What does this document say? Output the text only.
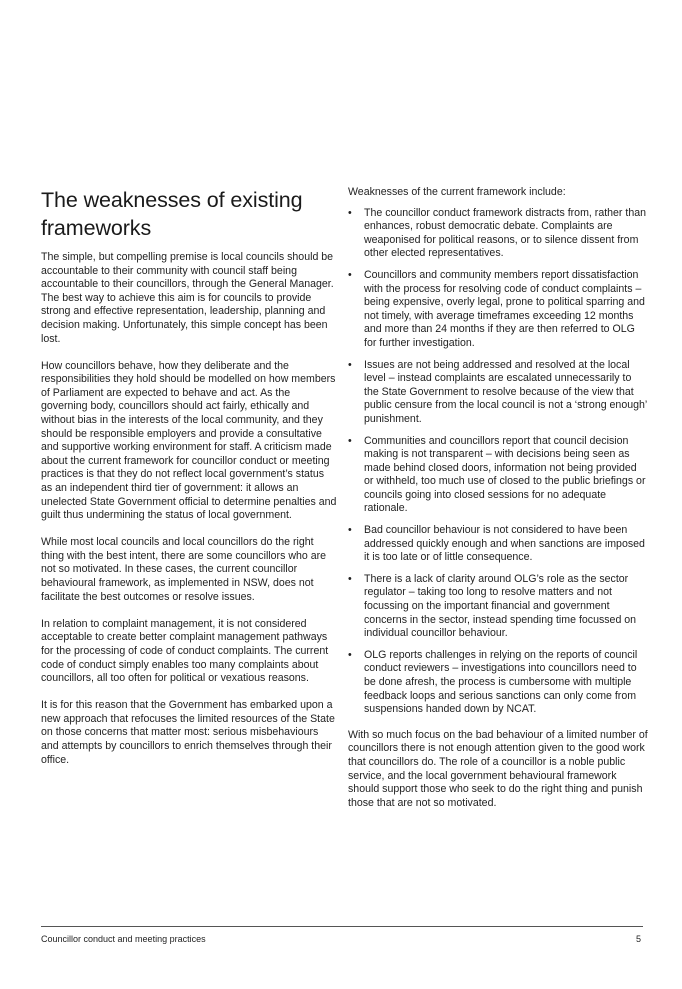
The weaknesses of existing frameworks

The simple, but compelling premise is local councils should be accountable to their community with council staff being accountable to their councillors, through the General Manager. The best way to achieve this aim is for councils to provide strong and effective representation, leadership, planning and decision making. Unfortunately, this simple concept has been lost.

How councillors behave, how they deliberate and the responsibilities they hold should be modelled on how members of Parliament are expected to behave and act. As the governing body, councillors should act fairly, ethically and without bias in the interests of the local community, and they should be responsible employers and provide a consultative and supportive working environment for staff. A criticism made about the current framework for councillor conduct or meeting practices is that they do not reflect local government’s status as an independent third tier of government: it allows an unelected State Government official to determine penalties and guilt thus undermining the status of local government.

While most local councils and local councillors do the right thing with the best intent, there are some councillors who are not so motivated. In these cases, the current councillor behavioural framework, as implemented in NSW, does not facilitate the best outcomes or resolve issues.

In relation to complaint management, it is not considered acceptable to create better complaint management pathways for the processing of code of conduct complaints. The current code of conduct simply enables too many complaints about councillors, all too often for political or vexatious reasons.

It is for this reason that the Government has embarked upon a new approach that refocuses the limited resources of the State on those concerns that matter most: serious misbehaviours and attempts by councillors to enrich themselves through their office.

Weaknesses of the current framework include:

•	The councillor conduct framework distracts from, rather than enhances, robust democratic debate. Complaints are weaponised for political reasons, or to silence dissent from other elected representatives.
•	Councillors and community members report dissatisfaction with the process for resolving code of conduct complaints – being expensive, overly legal, prone to political sparring and not timely, with average timeframes exceeding 12 months and more than 24 months if they are then referred to OLG for further investigation.
•	Issues are not being addressed and resolved at the local level – instead complaints are escalated unnecessarily to the State Government to resolve because of the view that public censure from the local council is not a ‘strong enough’ punishment.
•	Communities and councillors report that council decision making is not transparent – with decisions being seen as made behind closed doors, information not being provided or withheld, too much use of closed to the public briefings or councils going into closed sessions for no adequate rationale.
•	Bad councillor behaviour is not considered to have been addressed quickly enough and when sanctions are imposed it is too late or of little consequence.
•	There is a lack of clarity around OLG’s role as the sector regulator – taking too long to resolve matters and not focussing on the important financial and government concerns in the sector, instead spending time focussed on individual councillor behaviour.
•	OLG reports challenges in relying on the reports of council conduct reviewers – investigations into councillors need to be done afresh, the process is cumbersome with multiple feedback loops and serious sanctions can only come from suspensions handed down by NCAT.

With so much focus on the bad behaviour of a limited number of councillors there is not enough attention given to the good work that councillors do. The role of a councillor is a noble public service, and the local government behavioural framework should support those who seek to do the right thing and punish those that are not so motivated.

Councillor conduct and meeting practices	5
